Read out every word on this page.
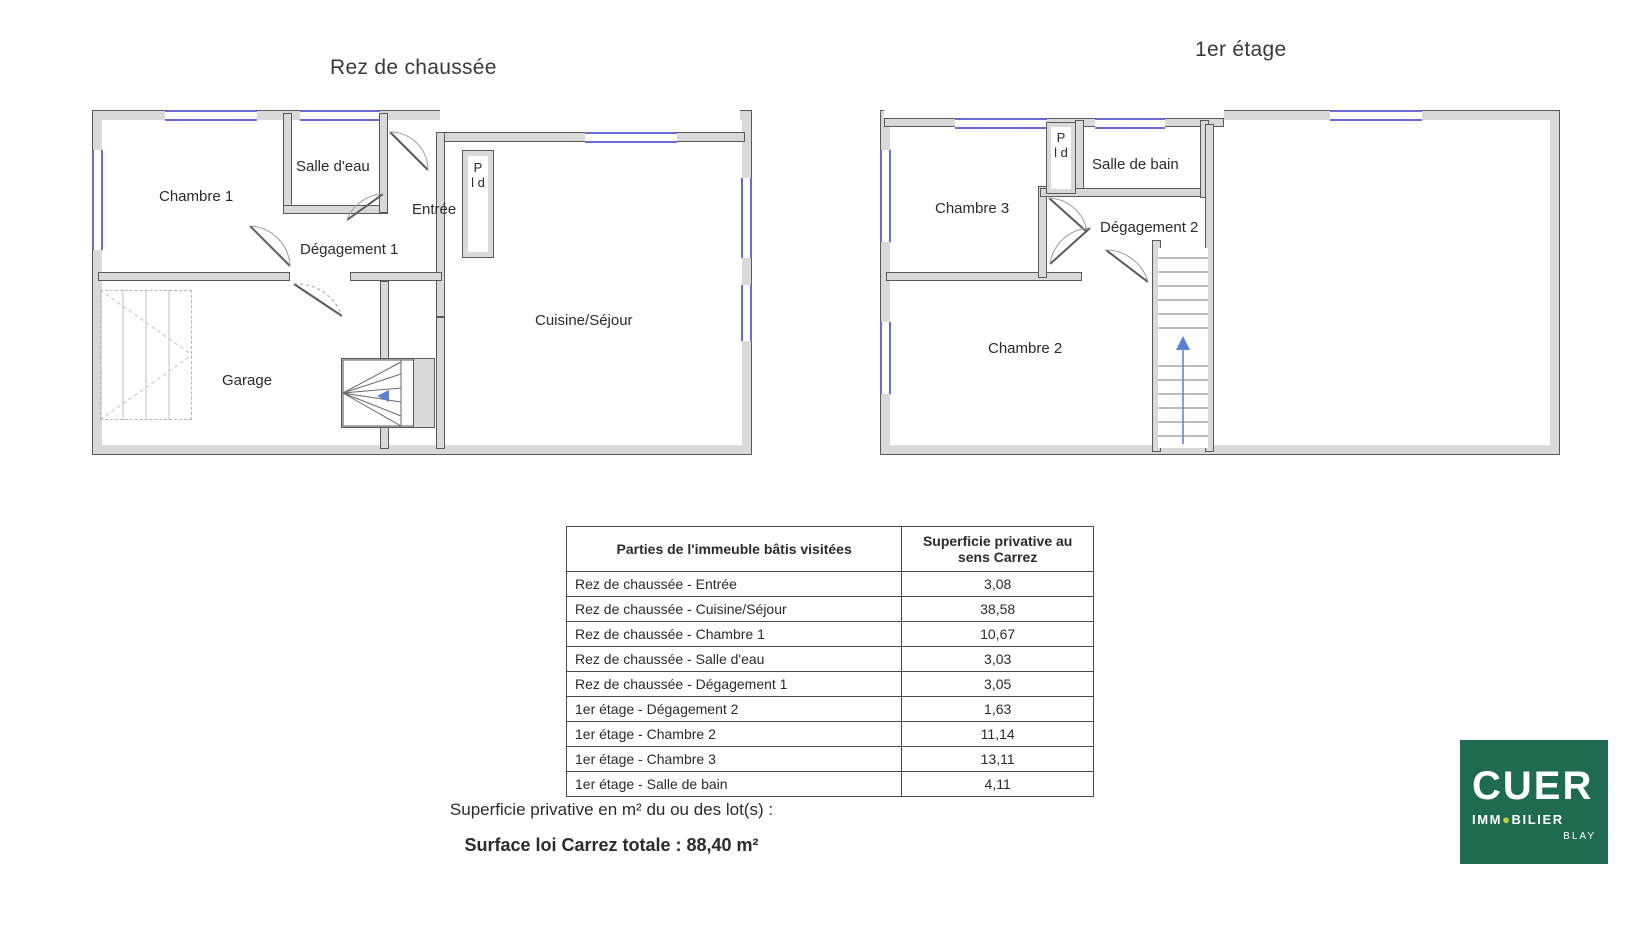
Rez de chaussée
P l d
Chambre 1
Salle d'eau
Entrée
Dégagement 1
Cuisine/Séjour
Garage
1er étage
P l d
Chambre 3
Salle de bain
Dégagement 2
Chambre 2
Parties de l'immeuble bâtis visitées	Superficie privative au sens Carrez
Rez de chaussée - Entrée	3,08
Rez de chaussée - Cuisine/Séjour	38,58
Rez de chaussée - Chambre 1	10,67
Rez de chaussée - Salle d'eau	3,03
Rez de chaussée - Dégagement 1	3,05
1er étage - Dégagement 2	1,63
1er étage - Chambre 2	11,14
1er étage - Chambre 3	13,11
1er étage - Salle de bain	4,11
Superficie privative en m² du ou des lot(s) :
Surface loi Carrez totale : 88,40 m²
CUER
IMM●BILIER
BLAY
